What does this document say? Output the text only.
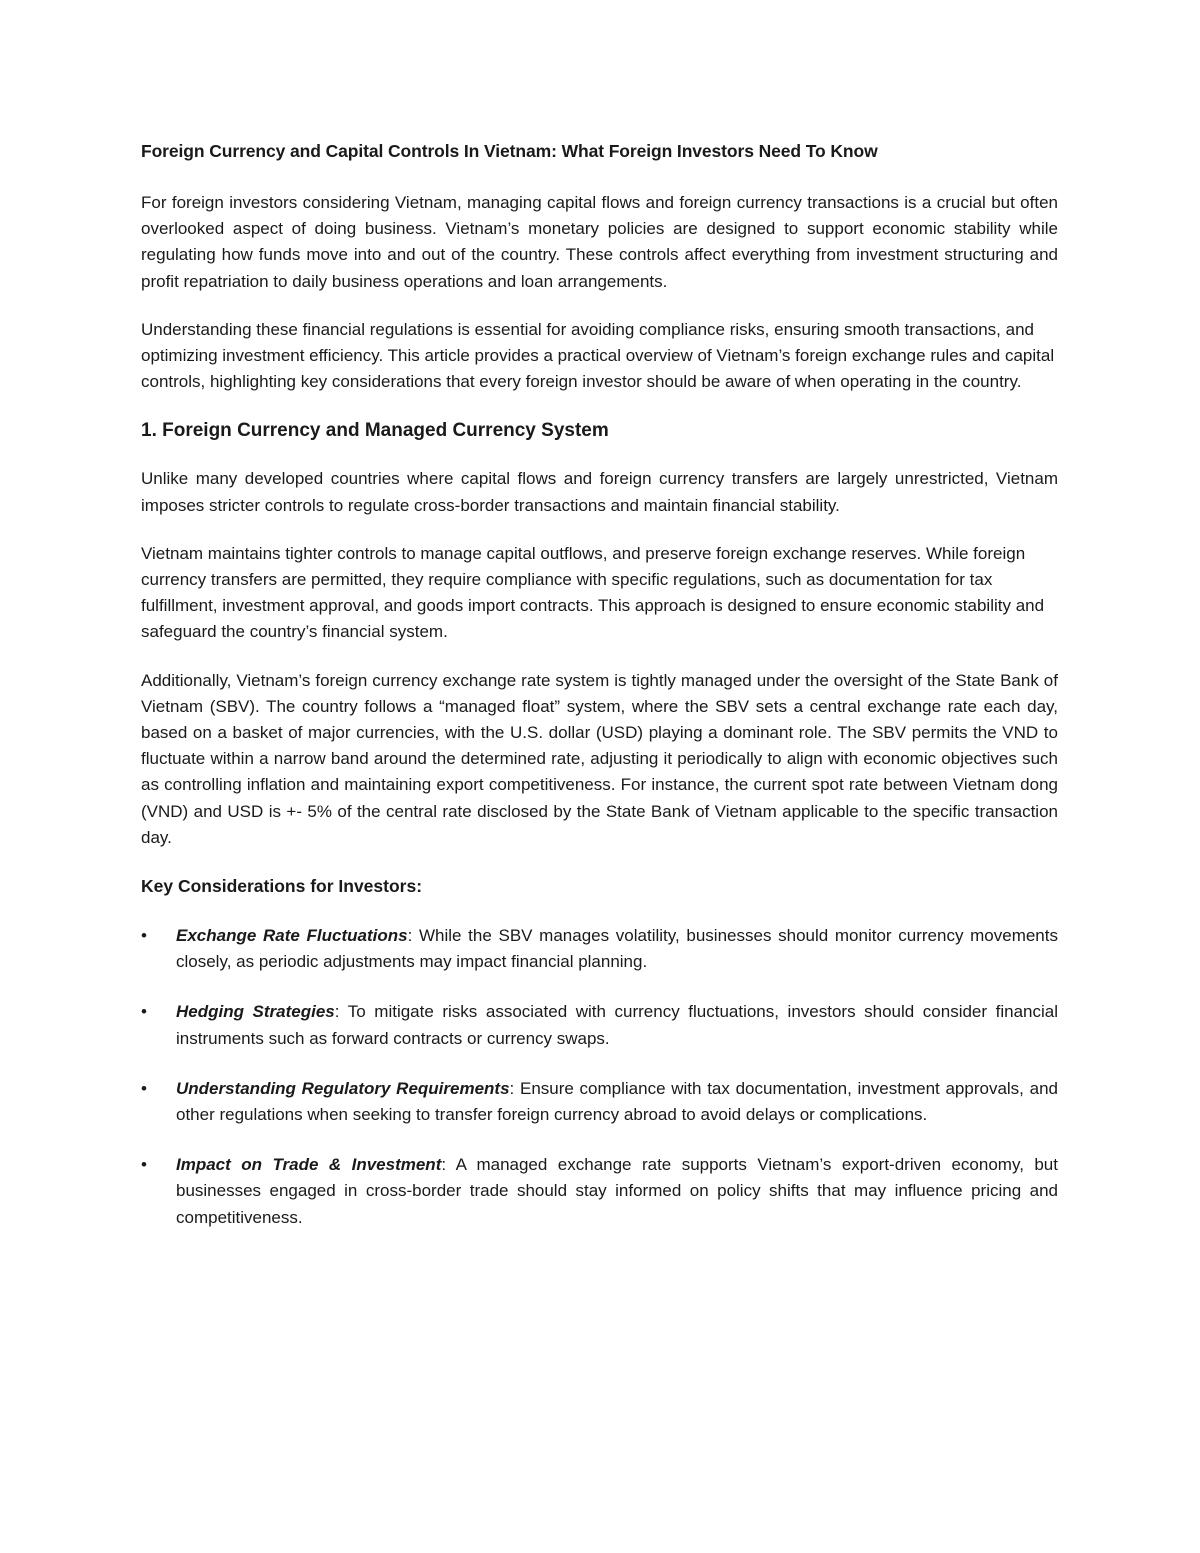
Foreign Currency and Capital Controls In Vietnam: What Foreign Investors Need To Know

For foreign investors considering Vietnam, managing capital flows and foreign currency transactions is a crucial but often overlooked aspect of doing business. Vietnam’s monetary policies are designed to support economic stability while regulating how funds move into and out of the country. These controls affect everything from investment structuring and profit repatriation to daily business operations and loan arrangements.

Understanding these financial regulations is essential for avoiding compliance risks, ensuring smooth transactions, and optimizing investment efficiency. This article provides a practical overview of Vietnam’s foreign exchange rules and capital controls, highlighting key considerations that every foreign investor should be aware of when operating in the country.

1. Foreign Currency and Managed Currency System

Unlike many developed countries where capital flows and foreign currency transfers are largely unrestricted, Vietnam imposes stricter controls to regulate cross-border transactions and maintain financial stability.

Vietnam maintains tighter controls to manage capital outflows, and preserve foreign exchange reserves. While foreign currency transfers are permitted, they require compliance with specific regulations, such as documentation for tax fulfillment, investment approval, and goods import contracts. This approach is designed to ensure economic stability and safeguard the country’s financial system.

Additionally, Vietnam’s foreign currency exchange rate system is tightly managed under the oversight of the State Bank of Vietnam (SBV). The country follows a “managed float” system, where the SBV sets a central exchange rate each day, based on a basket of major currencies, with the U.S. dollar (USD) playing a dominant role. The SBV permits the VND to fluctuate within a narrow band around the determined rate, adjusting it periodically to align with economic objectives such as controlling inflation and maintaining export competitiveness. For instance, the current spot rate between Vietnam dong (VND) and USD is +- 5% of the central rate disclosed by the State Bank of Vietnam applicable to the specific transaction day.

Key Considerations for Investors:
• Exchange Rate Fluctuations: While the SBV manages volatility, businesses should monitor currency movements closely, as periodic adjustments may impact financial planning.
• Hedging Strategies: To mitigate risks associated with currency fluctuations, investors should consider financial instruments such as forward contracts or currency swaps.
• Understanding Regulatory Requirements: Ensure compliance with tax documentation, investment approvals, and other regulations when seeking to transfer foreign currency abroad to avoid delays or complications.
• Impact on Trade & Investment: A managed exchange rate supports Vietnam’s export-driven economy, but businesses engaged in cross-border trade should stay informed on policy shifts that may influence pricing and competitiveness.
